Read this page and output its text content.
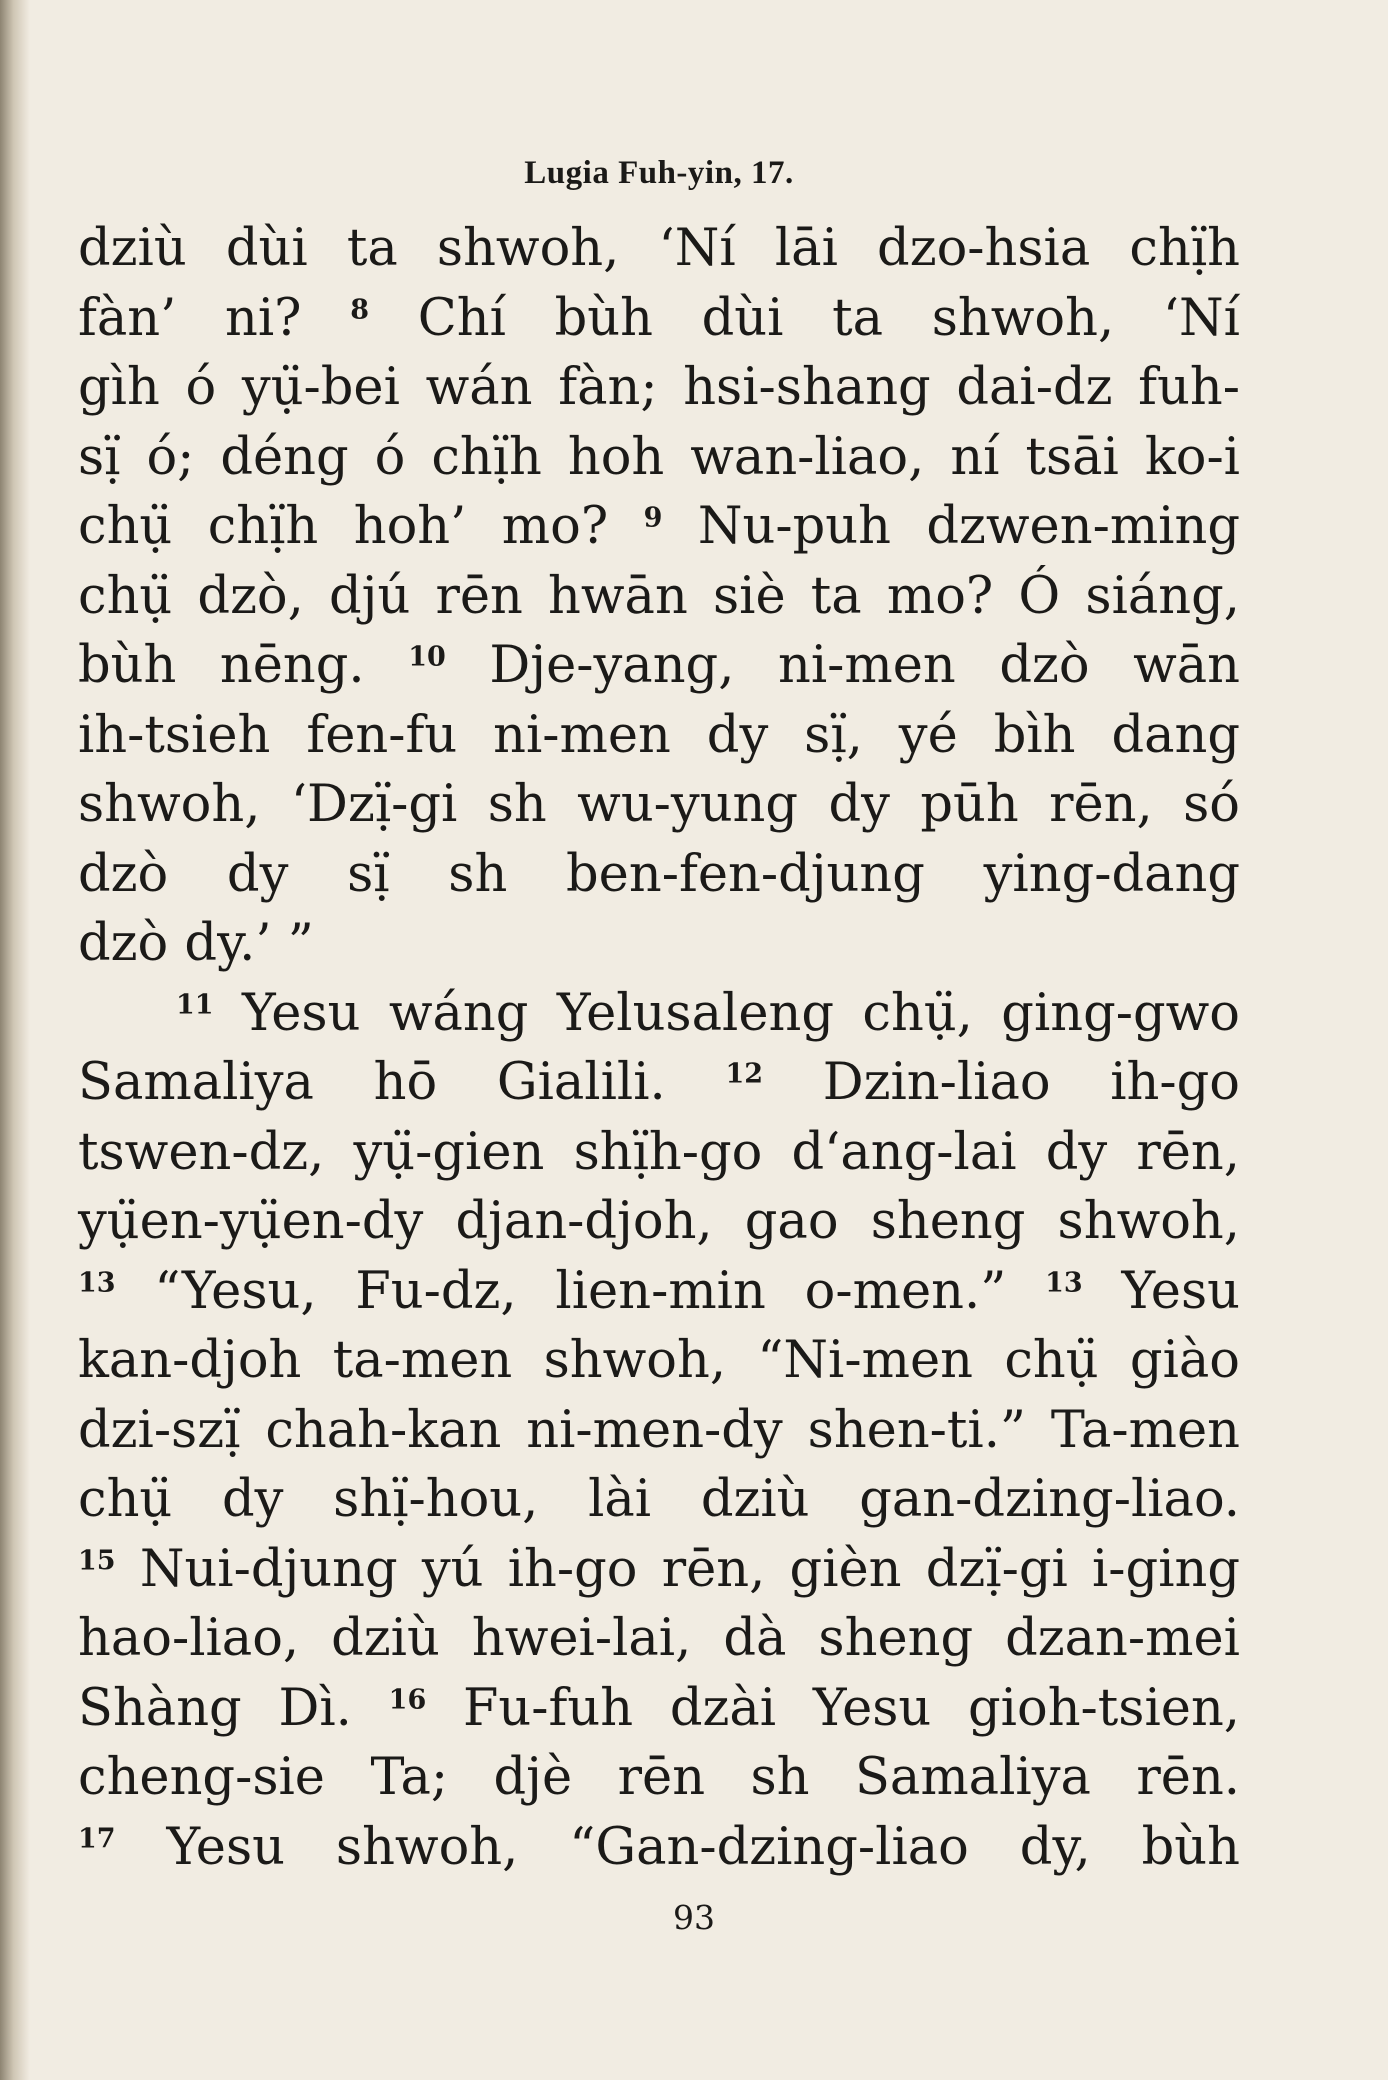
Lugia Fuh-yin, 17.
dziù dùi ta shwoh, ‘Ní lāi dzo-hsia chị̈h
fàn’ ni? $^8$ Chí bùh dùi ta shwoh, ‘Ní
gìh ó yụ̈-bei wán fàn; hsi-shang dai-dz fuh-
sị̈ ó; déng ó chị̈h hoh wan-liao, ní tsāi ko-i
chụ̈ chị̈h hoh’ mo? $^9$ Nu-puh dzwen-ming
chụ̈ dzò, djú rēn hwān siè ta mo? Ó siáng,
bùh nēng. $^{10}$ Dje-yang, ni-men dzò wān
ih-tsieh fen-fu ni-men dy sị̈, yé bìh dang
shwoh, ‘Dzị̈-gi sh wu-yung dy pūh rēn, só
dzò dy sị̈ sh ben-fen-djung ying-dang
dzò dy.’ ”
$^{11}$ Yesu wáng Yelusaleng chụ̈, ging-gwo
Samaliya hō Gialili. $^{12}$ Dzin-liao ih-go
tswen-dz, yụ̈-gien shị̈h-go d‘ang-lai dy rēn,
yụ̈en-yụ̈en-dy djan-djoh, gao sheng shwoh,
$^{13}$ “Yesu, Fu-dz, lien-min o-men.” $^{13}$ Yesu
kan-djoh ta-men shwoh, “Ni-men chụ̈ giào
dzi-szị̈ chah-kan ni-men-dy shen-ti.” Ta-men
chụ̈ dy shị̈-hou, lài dziù gan-dzing-liao.
$^{15}$ Nui-djung yú ih-go rēn, gièn dzị̈-gi i-ging
hao-liao, dziù hwei-lai, dà sheng dzan-mei
Shàng Dì. $^{16}$ Fu-fuh dzài Yesu gioh-tsien,
cheng-sie Ta; djè rēn sh Samaliya rēn.
$^{17}$ Yesu shwoh, “Gan-dzing-liao dy, bùh
93
